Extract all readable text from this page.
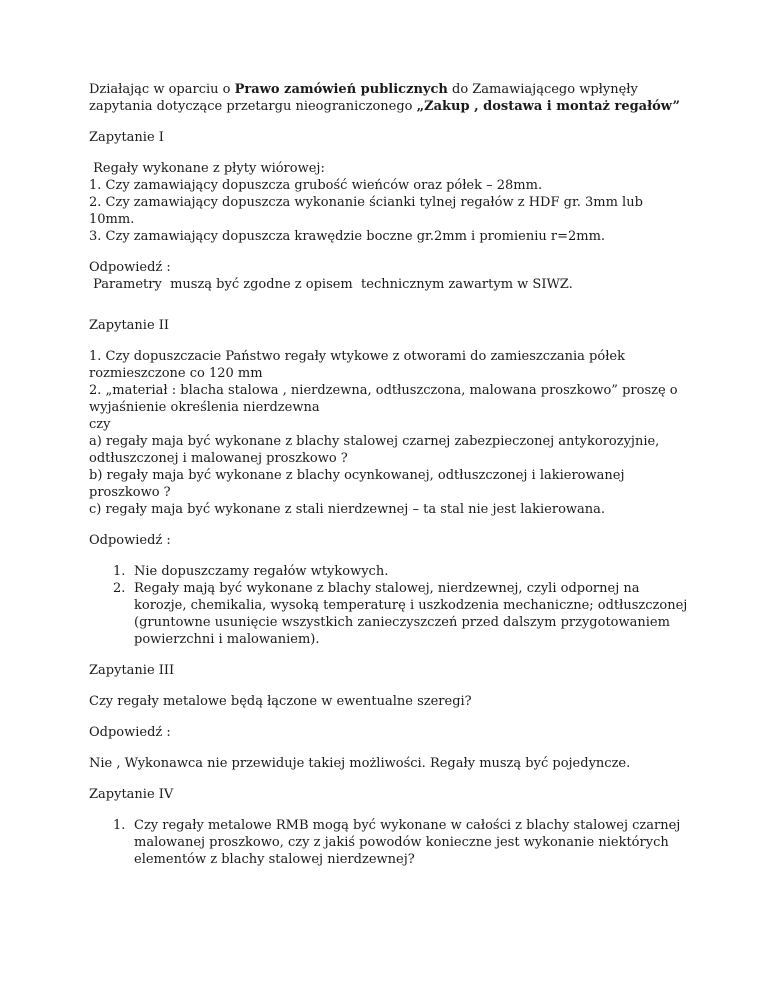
Działając w oparciu o Prawo zamówień publicznych do Zamawiającego wpłynęły zapytania dotyczące przetargu nieograniczonego „Zakup , dostawa i montaż regałów”

Zapytanie I

Regały wykonane z płyty wiórowej:

1. Czy zamawiający dopuszcza grubość wieńców oraz półek – 28mm.

2. Czy zamawiający dopuszcza wykonanie ścianki tylnej regałów z HDF gr. 3mm lub 10mm.

3. Czy zamawiający dopuszcza krawędzie boczne gr.2mm i promieniu r=2mm.

Odpowiedź :

Parametry  muszą być zgodne z opisem  technicznym zawartym w SIWZ.

Zapytanie II

1. Czy dopuszczacie Państwo regały wtykowe z otworami do zamieszczania półek rozmieszczone co 120 mm

2. „materiał : blacha stalowa , nierdzewna, odtłuszczona, malowana proszkowo” proszę o wyjaśnienie określenia nierdzewna

czy

a) regały maja być wykonane z blachy stalowej czarnej zabezpieczonej antykorozyjnie, odtłuszczonej i malowanej proszkowo ?

b) regały maja być wykonane z blachy ocynkowanej, odtłuszczonej i lakierowanej proszkowo ?

c) regały maja być wykonane z stali nierdzewnej – ta stal nie jest lakierowana.

Odpowiedź :

1. Nie dopuszczamy regałów wtykowych.
2. Regały mają być wykonane z blachy stalowej, nierdzewnej, czyli odpornej na korozje, chemikalia, wysoką temperaturę i uszkodzenia mechaniczne; odtłuszczonej (gruntowne usunięcie wszystkich zanieczyszczeń przed dalszym przygotowaniem powierzchni i malowaniem).

Zapytanie III

Czy regały metalowe będą łączone w ewentualne szeregi?

Odpowiedź :

Nie , Wykonawca nie przewiduje takiej możliwości. Regały muszą być pojedyncze.

Zapytanie IV

1. Czy regały metalowe RMB mogą być wykonane w całości z blachy stalowej czarnej malowanej proszkowo, czy z jakiś powodów konieczne jest wykonanie niektórych elementów z blachy stalowej nierdzewnej?
